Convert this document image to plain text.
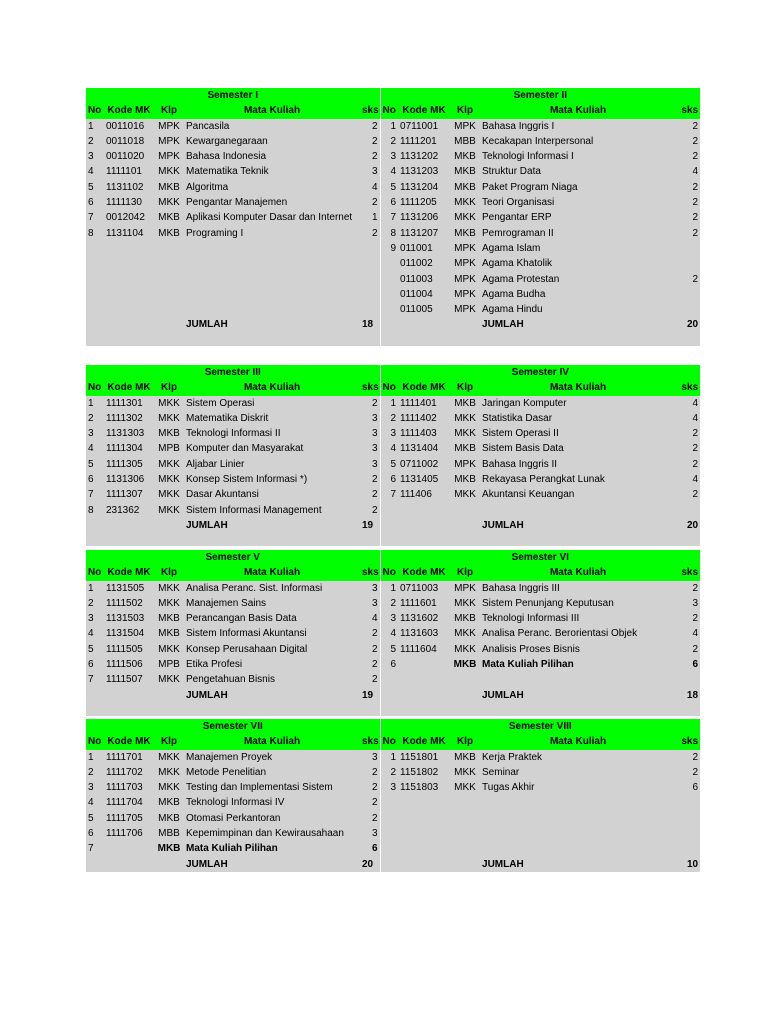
Semester I					Semester II				
No	Kode MK	Klp	Mata Kuliah	sks	No	Kode MK	Klp	Mata Kuliah	sks
1	0011016	MPK	Pancasila	2	1	0711001	MPK	Bahasa Inggris I	2
2	0011018	MPK	Kewarganegaraan	2	2	1111201	MBB	Kecakapan Interpersonal	2
3	0011020	MPK	Bahasa Indonesia	2	3	1131202	MKB	Teknologi Informasi I	2
4	1111101	MKK	Matematika Teknik	3	4	1131203	MKB	Struktur Data	4
5	1131102	MKB	Algoritma	4	5	1131204	MKB	Paket Program Niaga	2
6	1111130	MKK	Pengantar Manajemen	2	6	1111205	MKK	Teori Organisasi	2
7	0012042	MKB	Aplikasi Komputer Dasar dan Internet	1	7	1131206	MKK	Pengantar ERP	2
8	1131104	MKB	Programing I	2	8	1131207	MKB	Pemrograman II	2
					9	011001	MPK	Agama Islam	
						011002	MPK	Agama Khatolik	
						011003	MPK	Agama Protestan	2
						011004	MPK	Agama Budha	
						011005	MPK	Agama Hindu	
			JUMLAH	18				JUMLAH	20

Semester III					Semester IV				
No	Kode MK	Klp	Mata Kuliah	sks	No	Kode MK	Klp	Mata Kuliah	sks
1	1111301	MKK	Sistem Operasi	2	1	1111401	MKB	Jaringan Komputer	4
2	1111302	MKK	Matematika Diskrit	3	2	1111402	MKK	Statistika Dasar	4
3	1131303	MKB	Teknologi Informasi II	3	3	1111403	MKK	Sistem Operasi II	2
4	1111304	MPB	Komputer dan Masyarakat	3	4	1131404	MKB	Sistem Basis Data	2
5	1111305	MKK	Aljabar Linier	3	5	0711002	MPK	Bahasa Inggris II	2
6	1131306	MKK	Konsep Sistem Informasi *)	2	6	1131405	MKB	Rekayasa Perangkat Lunak	4
7	1111307	MKK	Dasar Akuntansi	2	7	111406	MKK	Akuntansi Keuangan	2
8	231362	MKK	Sistem Informasi Management	2					
			JUMLAH	19				JUMLAH	20

Semester V					Semester VI				
No	Kode MK	Klp	Mata Kuliah	sks	No	Kode MK	Klp	Mata Kuliah	sks
1	1131505	MKK	Analisa Peranc. Sist. Informasi	3	1	0711003	MPK	Bahasa Inggris III	2
2	1111502	MKK	Manajemen Sains	3	2	1111601	MKK	Sistem Penunjang Keputusan	3
3	1131503	MKB	Perancangan Basis Data	4	3	1131602	MKB	Teknologi Informasi III	2
4	1131504	MKB	Sistem Informasi Akuntansi	2	4	1131603	MKK	Analisa Peranc. Berorientasi Objek	4
5	1111505	MKK	Konsep Perusahaan Digital	2	5	1111604	MKK	Analisis Proses Bisnis	2
6	1111506	MPB	Etika Profesi	2	6		MKB	Mata Kuliah Pilihan	6
7	1111507	MKK	Pengetahuan Bisnis	2					
			JUMLAH	19				JUMLAH	18

Semester VII					Semester VIII				
No	Kode MK	Klp	Mata Kuliah	sks	No	Kode MK	Klp	Mata Kuliah	sks
1	1111701	MKK	Manajemen Proyek	3	1	1151801	MKB	Kerja Praktek	2
2	1111702	MKK	Metode Penelitian	2	2	1151802	MKK	Seminar	2
3	1111703	MKK	Testing dan Implementasi Sistem	2	3	1151803	MKK	Tugas Akhir	6
4	1111704	MKB	Teknologi Informasi IV	2					
5	1111705	MKB	Otomasi Perkantoran	2					
6	1111706	MBB	Kepemimpinan dan Kewirausahaan	3					
7		MKB	Mata Kuliah Pilihan	6					
			JUMLAH	20				JUMLAH	10
